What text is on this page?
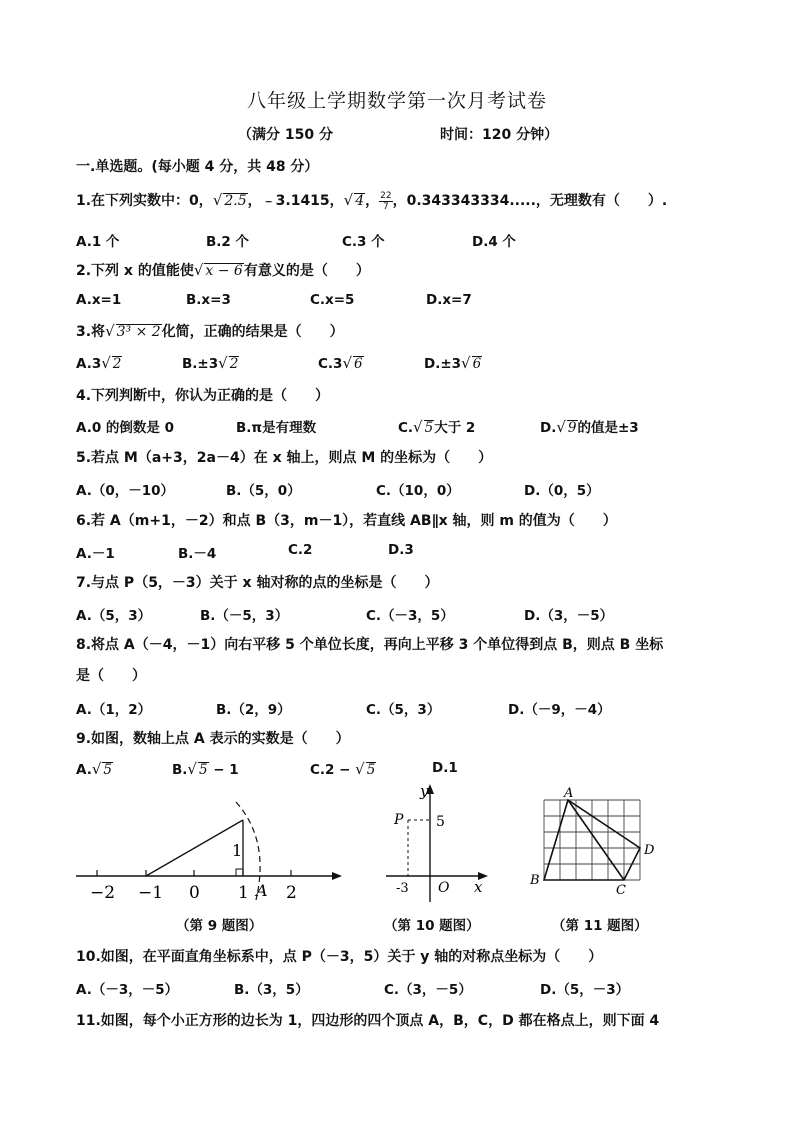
八年级上学期数学第一次月考试卷
（满分 150 分	时间：120 分钟）
一.单选题。(每小题 4 分，共 48 分）
1.在下列实数中：0，√ 2.5，﹣3.1415，√ 4， $\frac{22}{7}$ ，0.343343334.....，无理数有（　　）.
A.1 个	B.2 个	C.3 个	D.4 个
2.下列 x 的值能使√ x − 6有意义的是（　　）
A.x=1	B.x=3	C.x=5	D.x=7
3.将√ 3³ × 2化简，正确的结果是（　　）
A.3√ 2	B.±3√ 2	C.3√ 6	D.±3√ 6
4.下列判断中，你认为正确的是（　　）
A.0 的倒数是 0	B.π是有理数	C.√ 5大于 2	D.√ 9的值是±3
5.若点 M（a+3，2a－4）在 x 轴上，则点 M 的坐标为（　　）
A.（0，－10）	B.（5，0）	C.（10，0）	D.（0，5）
6.若 A（m+1，－2）和点 B（3，m－1），若直线 AB∥x 轴，则 m 的值为（　　）
A.－1	B.－4	C.2	D.3
7.与点 P（5，－3）关于 x 轴对称的点的坐标是（　　）
A.（5，3）	B.（－5，3）	C.（－3，5）	D.（3，－5）
8.将点 A（－4，－1）向右平移 5 个单位长度，再向上平移 3 个单位得到点 B，则点 B 坐标
是（　　）
A.（1，2）	B.（2，9）	C.（5，3）	D.（－9，－4）
9.如图，数轴上点 A 表示的实数是（　　）
A.√ 5	B.√ 5 − 1	C.2 − √ 5	D.1
−2 −1 0 1 2
A
1
（第 9 题图）
y
x
P 5
-3 O
（第 10 题图）
A
B
C
D
（第 11 题图）
10.如图，在平面直角坐标系中，点 P（－3，5）关于 y 轴的对称点坐标为（　　）
A.（－3，－5）	B.（3，5）	C.（3，－5）	D.（5，－3）
11.如图，每个小正方形的边长为 1，四边形的四个顶点 A，B，C，D 都在格点上，则下面 4
